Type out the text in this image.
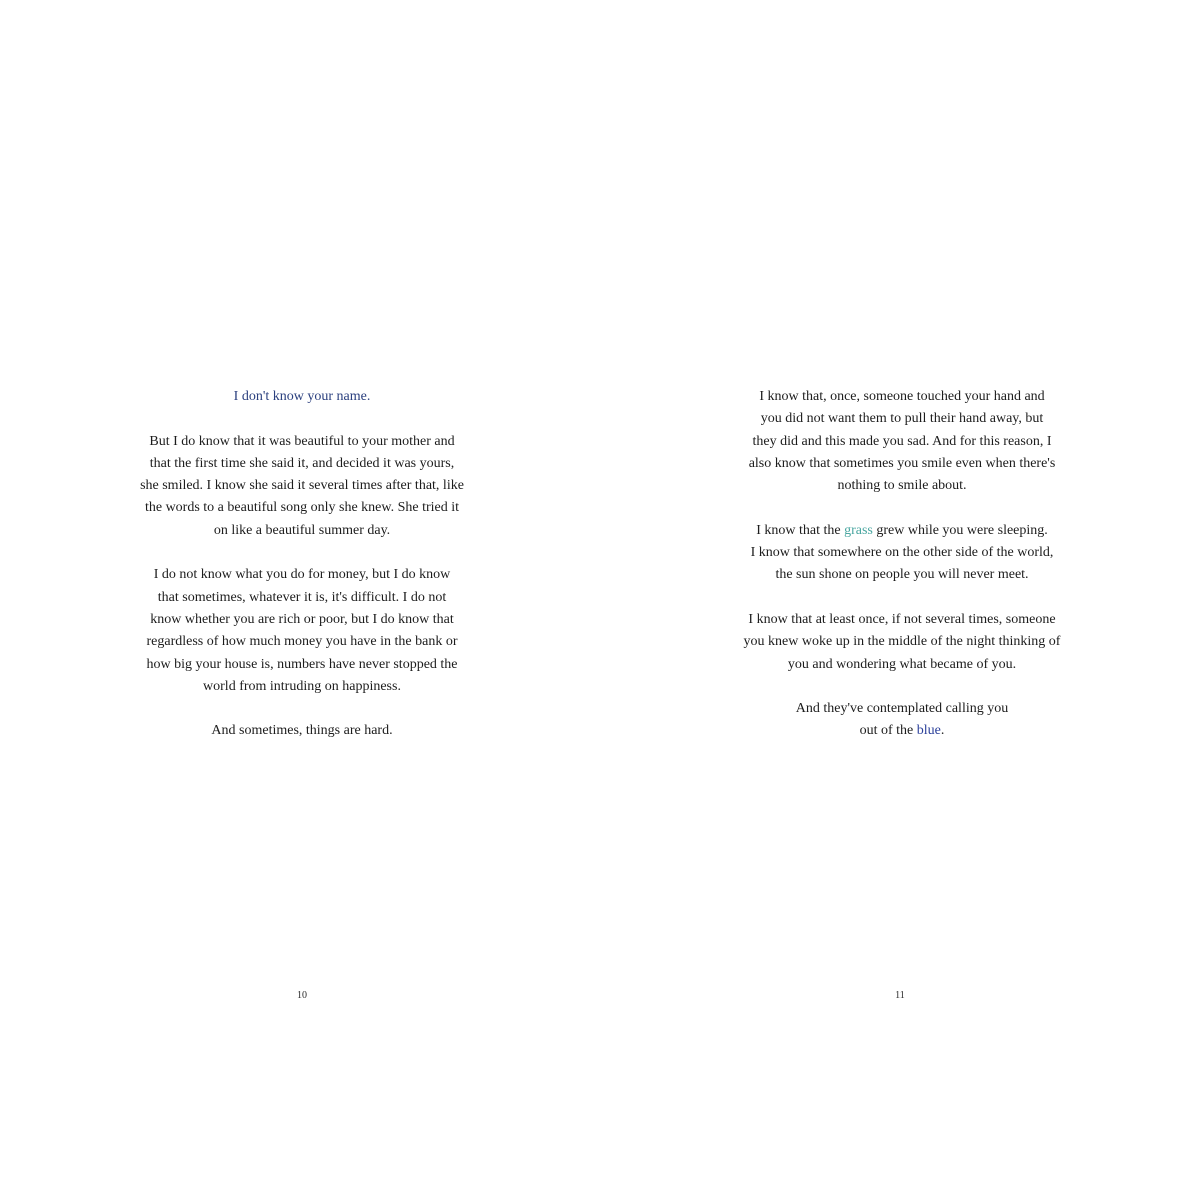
I don't know your name.
But I do know that it was beautiful to your mother and
that the first time she said it, and decided it was yours,
she smiled. I know she said it several times after that, like
the words to a beautiful song only she knew. She tried it
on like a beautiful summer day.
I do not know what you do for money, but I do know
that sometimes, whatever it is, it's difficult. I do not
know whether you are rich or poor, but I do know that
regardless of how much money you have in the bank or
how big your house is, numbers have never stopped the
world from intruding on happiness.
And sometimes, things are hard.
10
I know that, once, someone touched your hand and
you did not want them to pull their hand away, but
they did and this made you sad. And for this reason, I
also know that sometimes you smile even when there's
nothing to smile about.
I know that the grass grew while you were sleeping.
I know that somewhere on the other side of the world,
the sun shone on people you will never meet.
I know that at least once, if not several times, someone
you knew woke up in the middle of the night thinking of
you and wondering what became of you.
And they've contemplated calling you
out of the blue.
11
